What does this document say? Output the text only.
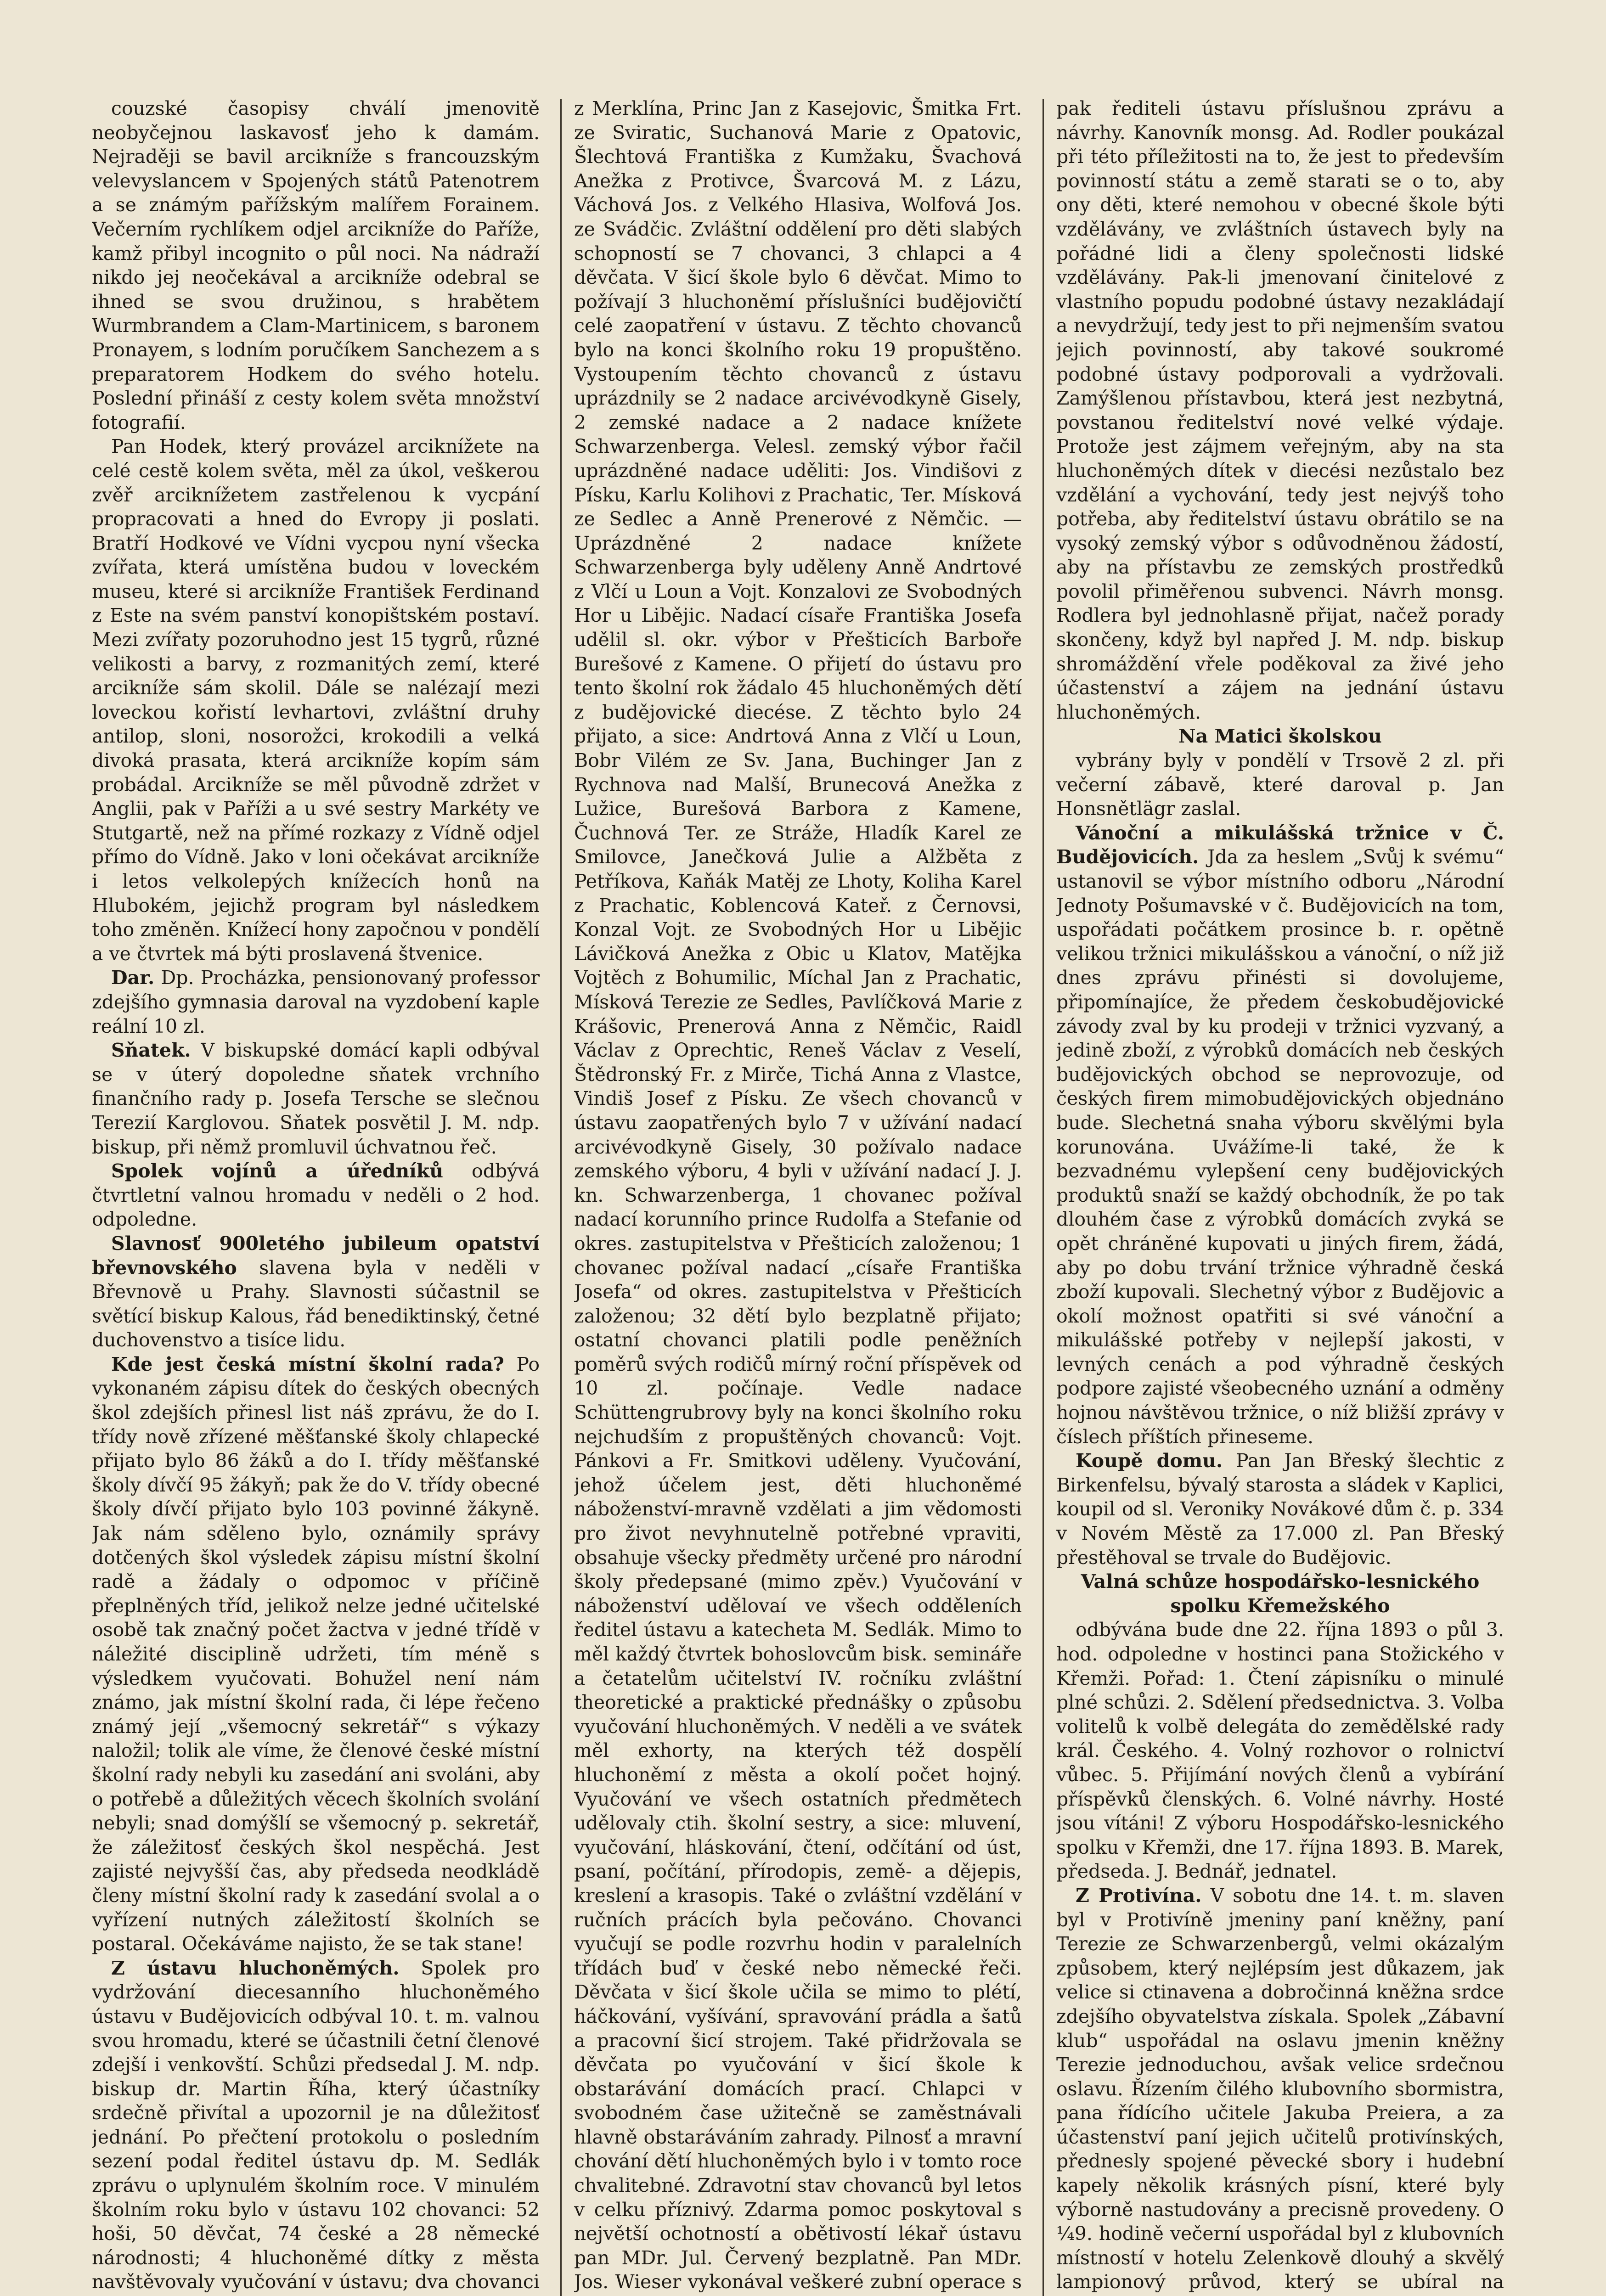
couzské časopisy chválí jmenovitě neobyčejnou laskavosť jeho k damám. Nejraději se bavil arcikníže s francouzským velevyslancem v Spojených států Patenotrem a se známým pařížským malířem Forainem. Večerním rychlíkem odjel arcikníže do Paříže, kamž přibyl incognito o půl noci. Na nádraží nikdo jej neočekával a arcikníže odebral se ihned se svou družinou, s hrabětem Wurmbrandem a Clam-Martinicem, s baronem Pronayem, s lodním poručíkem Sanchezem a s preparatorem Hodkem do svého hotelu. Poslední přináší z cesty kolem světa množství fotografií.

Pan Hodek, který provázel arciknížete na celé cestě kolem světa, měl za úkol, veškerou zvěř arciknížetem zastřelenou k vycpání propracovati a hned do Evropy ji poslati. Bratří Hodkové ve Vídni vycpou nyní všecka zvířata, která umístěna budou v loveckém museu, které si arcikníže František Ferdinand z Este na svém panství konopištském postaví. Mezi zvířaty pozoruhodno jest 15 tygrů, různé velikosti a barvy, z rozmanitých zemí, které arcikníže sám skolil. Dále se nalézají mezi loveckou kořistí levhartovi, zvláštní druhy antilop, sloni, nosorožci, krokodili a velká divoká prasata, která arcikníže kopím sám probádal. Arcikníže se měl původně zdržet v Anglii, pak v Paříži a u své sestry Markéty ve Stutgartě, než na přímé rozkazy z Vídně odjel přímo do Vídně. Jako v loni očekávat arcikníže i letos velkolepých knížecích honů na Hlubokém, jejichž program byl následkem toho změněn. Knížecí hony započnou v pondělí a ve čtvrtek má býti proslavená štvenice.

Dar. Dp. Procházka, pensionovaný professor zdejšího gymnasia daroval na vyzdobení kaple reální 10 zl.

Sňatek. V biskupské domácí kapli odbýval se v úterý dopoledne sňatek vrchního finančního rady p. Josefa Tersche se slečnou Terezií Karglovou. Sňatek posvětil J. M. ndp. biskup, při němž promluvil úchvatnou řeč.

Spolek vojínů a úředníků odbývá čtvrtletní valnou hromadu v neděli o 2 hod. odpoledne.

Slavnosť 900letého jubileum opatství břevnovského slavena byla v neděli v Břevnově u Prahy. Slavnosti súčastnil se světící biskup Kalous, řád benediktinský, četné duchovenstvo a tisíce lidu.

Kde jest česká místní školní rada? Po vykonaném zápisu dítek do českých obecných škol zdejších přinesl list náš zprávu, že do I. třídy nově zřízené měšťanské školy chlapecké přijato bylo 86 žáků a do I. třídy měšťanské školy dívčí 95 žákyň; pak že do V. třídy obecné školy dívčí přijato bylo 103 povinné žákyně. Jak nám sděleno bylo, oznámily správy dotčených škol výsledek zápisu místní školní radě a žádaly o odpomoc v příčině přeplněných tříd, jelikož nelze jedné učitelské osobě tak značný počet žactva v jedné třídě v náležité disciplině udržeti, tím méně s výsledkem vyučovati. Bohužel není nám známo, jak místní školní rada, či lépe řečeno známý její „všemocný sekretář“ s výkazy naložil; tolik ale víme, že členové české místní školní rady nebyli ku zasedání ani svoláni, aby o potřebě a důležitých věcech školních svolání nebyli; snad domýšlí se všemocný p. sekretář, že záležitosť českých škol nespěchá. Jest zajisté nejvyšší čas, aby předseda neodkládě členy místní školní rady k zasedání svolal a o vyřízení nutných záležitostí školních se postaral. Očekáváme najisto, že se tak stane!

Z ústavu hluchoněmých. Spolek pro vydržování diecesanního hluchoněmého ústavu v Budějovicích odbýval 10. t. m. valnou svou hromadu, které se účastnili četní členové zdejší i venkovští. Schůzi předsedal J. M. ndp. biskup dr. Martin Říha, který účastníky srdečně přivítal a upozornil je na důležitosť jednání. Po přečtení protokolu o posledním sezení podal ředitel ústavu dp. M. Sedlák zprávu o uplynulém školním roce. V minulém školním roku bylo v ústavu 102 chovanci: 52 hoši, 50 děvčat, 74 české a 28 německé národnosti; 4 hluchoněmé dítky z města navštěvovaly vyučování v ústavu; dva chovanci

z Merklína, Princ Jan z Kasejovic, Šmitka Frt. ze Sviratic, Suchanová Marie z Opatovic, Šlechtová Františka z Kumžaku, Švachová Anežka z Protivce, Švarcová M. z Lázu, Váchová Jos. z Velkého Hlasiva, Wolfová Jos. ze Svádčic. Zvláštní oddělení pro děti slabých schopností se 7 chovanci, 3 chlapci a 4 děvčata. V šicí škole bylo 6 děvčat. Mimo to požívají 3 hluchoněmí příslušníci budějovičtí celé zaopatření v ústavu. Z těchto chovanců bylo na konci školního roku 19 propuštěno. Vystoupením těchto chovanců z ústavu uprázdnily se 2 nadace arcivévodkyně Gisely, 2 zemské nadace a 2 nadace knížete Schwarzenberga. Velesl. zemský výbor řačil uprázdněné nadace uděliti: Jos. Vindišovi z Písku, Karlu Kolihovi z Prachatic, Ter. Mísková ze Sedlec a Anně Prenerové z Němčic. — Uprázdněné 2 nadace knížete Schwarzenberga byly uděleny Anně Andrtové z Vlčí u Loun a Vojt. Konzalovi ze Svobodných Hor u Libějic. Nadací císaře Františka Josefa udělil sl. okr. výbor v Přešticích Barboře Burešové z Kamene. O přijetí do ústavu pro tento školní rok žádalo 45 hluchoněmých dětí z budějovické diecése. Z těchto bylo 24 přijato, a sice: Andrtová Anna z Vlčí u Loun, Bobr Vilém ze Sv. Jana, Buchinger Jan z Rychnova nad Malší, Brunecová Anežka z Lužice, Burešová Barbora z Kamene, Čuchnová Ter. ze Stráže, Hladík Karel ze Smilovce, Janečková Julie a Alžběta z Petříkova, Kaňák Matěj ze Lhoty, Koliha Karel z Prachatic, Koblencová Kateř. z Černovsi, Konzal Vojt. ze Svobodných Hor u Libějic Lávičková Anežka z Obic u Klatov, Matějka Vojtěch z Bohumilic, Míchal Jan z Prachatic, Mísková Terezie ze Sedles, Pavlíčková Marie z Krášovic, Prenerová Anna z Němčic, Raidl Václav z Oprechtic, Reneš Václav z Veselí, Štědronský Fr. z Mirče, Tichá Anna z Vlastce, Vindiš Josef z Písku. Ze všech chovanců v ústavu zaopatřených bylo 7 v užívání nadací arcivévodkyně Gisely, 30 požívalo nadace zemského výboru, 4 byli v užívání nadací J. J. kn. Schwarzenberga, 1 chovanec požíval nadací korunního prince Rudolfa a Stefanie od okres. zastupitelstva v Přešticích založenou; 1 chovanec požíval nadací „císaře Františka Josefa“ od okres. zastupitelstva v Přešticích založenou; 32 dětí bylo bezplatně přijato; ostatní chovanci platili podle peněžních poměrů svých rodičů mírný roční příspěvek od 10 zl. počínaje. Vedle nadace Schüttengrubrovy byly na konci školního roku nejchudším z propuštěných chovanců: Vojt. Pánkovi a Fr. Smitkovi uděleny. Vyučování, jehož účelem jest, děti hluchoněmé náboženství-mravně vzdělati a jim vědomosti pro život nevyhnutelně potřebné vpraviti, obsahuje všecky předměty určené pro národní školy předepsané (mimo zpěv.) Vyučování v náboženství udělovaí ve všech odděleních ředitel ústavu a katecheta M. Sedlák. Mimo to měl každý čtvrtek bohoslovcům bisk. semináře a četatelům učitelství IV. ročníku zvláštní theoretické a praktické přednášky o způsobu vyučování hluchoněmých. V neděli a ve svátek měl exhorty, na kterých též dospělí hluchoněmí z města a okolí počet hojný. Vyučování ve všech ostatních předmětech udělovaly ctih. školní sestry, a sice: mluvení, vyučování, hláskování, čtení, odčítání od úst, psaní, počítání, přírodopis, země- a dějepis, kreslení a krasopis. Také o zvláštní vzdělání v ručních prácích byla pečováno. Chovanci vyučují se podle rozvrhu hodin v paralelních třídách buď v české nebo německé řeči. Děvčata v šicí škole učila se mimo to plétí, háčkování, vyšívání, spravování prádla a šatů a pracovní šicí strojem. Také přidržovala se děvčata po vyučování v šicí škole k obstarávání domácích prací. Chlapci v svobodném čase užitečně se zaměstnávali hlavně obstaráváním zahrady. Pilnosť a mravní chování dětí hluchoněmých bylo i v tomto roce chvalitebné. Zdravotní stav chovanců byl letos v celku příznivý. Zdarma pomoc poskytoval s největší ochotností a obětivostí lékař ústavu pan MDr. Jul. Červený bezplatně. Pan MDr. Jos. Wieser vykonával veškeré zubní operace s

pak řediteli ústavu příslušnou zprávu a návrhy. Kanovník monsg. Ad. Rodler poukázal při této příležitosti na to, že jest to především povinností státu a země starati se o to, aby ony děti, které nemohou v obecné škole býti vzdělávány, ve zvláštních ústavech byly na pořádné lidi a členy společnosti lidské vzdělávány. Pak-li jmenovaní činitelové z vlastního popudu podobné ústavy nezakládají a nevydržují, tedy jest to při nejmenším svatou jejich povinností, aby takové soukromé podobné ústavy podporovali a vydržovali. Zamýšlenou přístavbou, která jest nezbytná, povstanou ředitelství nové velké výdaje. Protože jest zájmem veřejným, aby na sta hluchoněmých dítek v diecési nezůstalo bez vzdělání a vychování, tedy jest nejvýš toho potřeba, aby ředitelství ústavu obrátilo se na vysoký zemský výbor s odůvodněnou žádostí, aby na přístavbu ze zemských prostředků povolil přiměřenou subvenci. Návrh monsg. Rodlera byl jednohlasně přijat, načež porady skončeny, když byl napřed J. M. ndp. biskup shromáždění vřele poděkoval za živé jeho účastenství a zájem na jednání ústavu hluchoněmých.

Na Matici školskou

vybrány byly v pondělí v Trsově 2 zl. při večerní zábavě, které daroval p. Jan Honsnětlägr zaslal.

Vánoční a mikulášská tržnice v Č. Budějovicích. Jda za heslem „Svůj k svému“ ustanovil se výbor místního odboru „Národní Jednoty Pošumavské v č. Budějovicích na tom, uspořádati počátkem prosince b. r. opětně velikou tržnici mikulášskou a vánoční, o níž již dnes zprávu přinésti si dovolujeme, připomínajíce, že předem českobudějovické závody zval by ku prodeji v tržnici vyzvaný, a jedině zboží, z výrobků domácích neb českých budějovických obchod se neprovozuje, od českých firem mimobudějovických objednáno bude. Slechetná snaha výboru skvělými byla korunována. Uvážíme-li také, že k bezvadnému vylepšení ceny budějovických produktů snaží se každý obchodník, že po tak dlouhém čase z výrobků domácích zvyká se opět chráněné kupovati u jiných firem, žádá, aby po dobu trvání tržnice výhradně česká zboží kupovali. Slechetný výbor z Budějovic a okolí možnost opatřiti si své vánoční a mikulášské potřeby v nejlepší jakosti, v levných cenách a pod výhradně českých podpore zajisté všeobecného uznání a odměny hojnou návštěvou tržnice, o níž bližší zprávy v číslech příštích přineseme.

Koupě domu. Pan Jan Břeský šlechtic z Birkenfelsu, bývalý starosta a sládek v Kaplici, koupil od sl. Veroniky Novákové dům č. p. 334 v Novém Městě za 17.000 zl. Pan Břeský přestěhoval se trvale do Budějovic.

Valná schůze hospodářsko-lesnického spolku Křemežského

odbývána bude dne 22. října 1893 o půl 3. hod. odpoledne v hostinci pana Stožického v Křemži. Pořad: 1. Čtení zápisníku o minulé plné schůzi. 2. Sdělení předsednictva. 3. Volba volitelů k volbě delegáta do zemědělské rady král. Českého. 4. Volný rozhovor o rolnictví vůbec. 5. Přijímání nových členů a vybírání příspěvků členských. 6. Volné návrhy. Hosté jsou vítáni! Z výboru Hospodářsko-lesnického spolku v Křemži, dne 17. října 1893. B. Marek, předseda. J. Bednář, jednatel.

Z Protivína. V sobotu dne 14. t. m. slaven byl v Protivíně jmeniny paní kněžny, paní Terezie ze Schwarzenbergů, velmi okázalým způsobem, který nejlépsím jest důkazem, jak velice si ctinavena a dobročinná kněžna srdce zdejšího obyvatelstva získala. Spolek „Zábavní klub“ uspořádal na oslavu jmenin kněžny Terezie jednoduchou, avšak velice srdečnou oslavu. Řízením čilého klubovního sbormistra, pana řídícího učitele Jakuba Preiera, a za účastenství paní jejich učitelů protivínských, přednesly spojené pěvecké sbory i hudební kapely několik krásných písní, které byly výborně nastudovány a precisně provedeny. O ¼9. hodině večerní uspořádal byl z klubovních místností v hotelu Zelenkově dlouhý a skvělý lampionový průvod, který se ubíral na
